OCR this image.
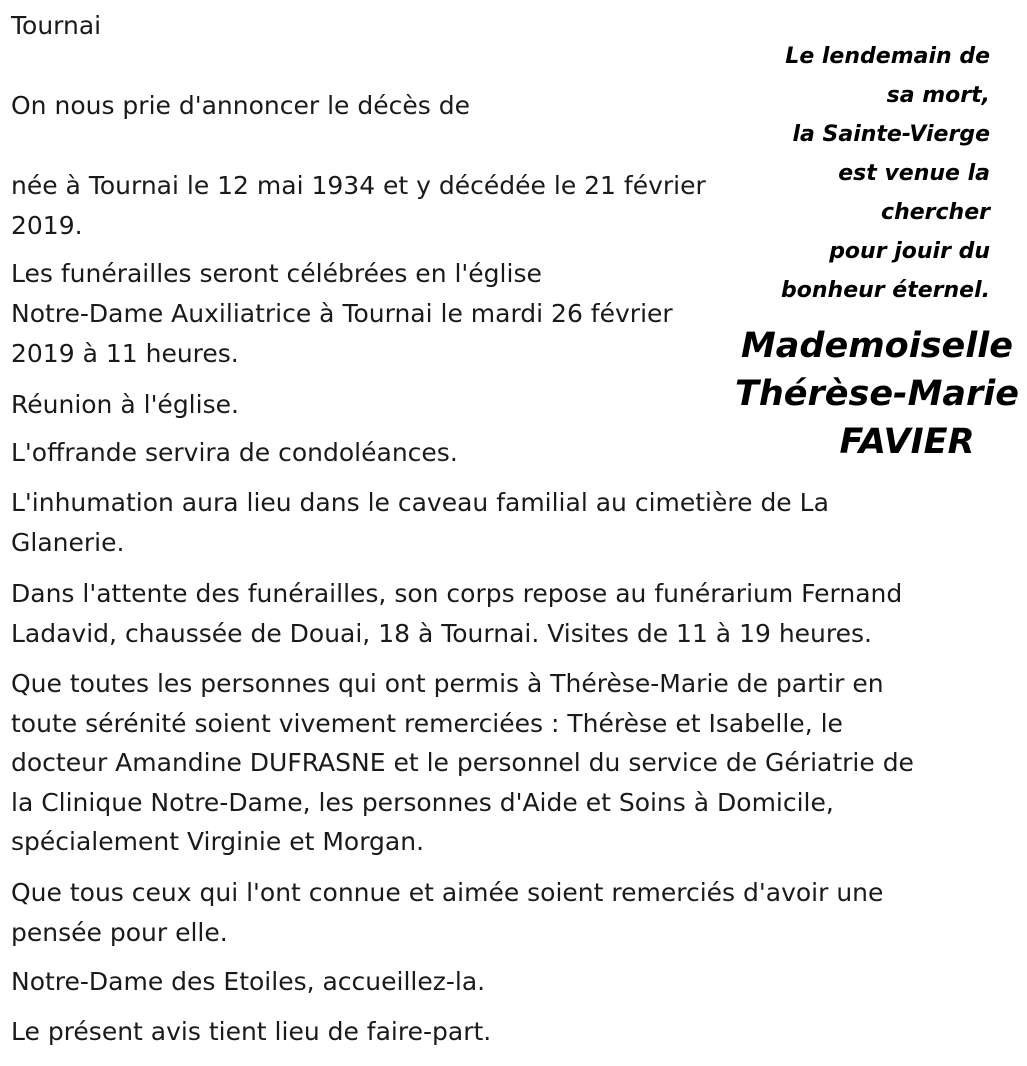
Tournai

On nous prie d'annoncer le décès de

née à Tournai le 12 mai 1934 et y décédée le 21 février

2019.

Les funérailles seront célébrées en l'église

Notre-Dame Auxiliatrice à Tournai le mardi 26 février

2019 à 11 heures.

Réunion à l'église.

L'offrande servira de condoléances.

L'inhumation aura lieu dans le caveau familial au cimetière de La

Glanerie.

Dans l'attente des funérailles, son corps repose au funérarium Fernand

Ladavid, chaussée de Douai, 18 à Tournai. Visites de 11 à 19 heures.

Que toutes les personnes qui ont permis à Thérèse-Marie de partir en

toute sérénité soient vivement remerciées : Thérèse et Isabelle, le

docteur Amandine DUFRASNE et le personnel du service de Gériatrie de

la Clinique Notre-Dame, les personnes d'Aide et Soins à Domicile,

spécialement Virginie et Morgan.

Que tous ceux qui l'ont connue et aimée soient remerciés d'avoir une

pensée pour elle.

Notre-Dame des Etoiles, accueillez-la.

Le présent avis tient lieu de faire-part.

Le lendemain de
sa mort,
la Sainte-Vierge
est venue la
chercher
pour jouir du
bonheur éternel.
Mademoiselle
Thérèse-Marie
FAVIER
